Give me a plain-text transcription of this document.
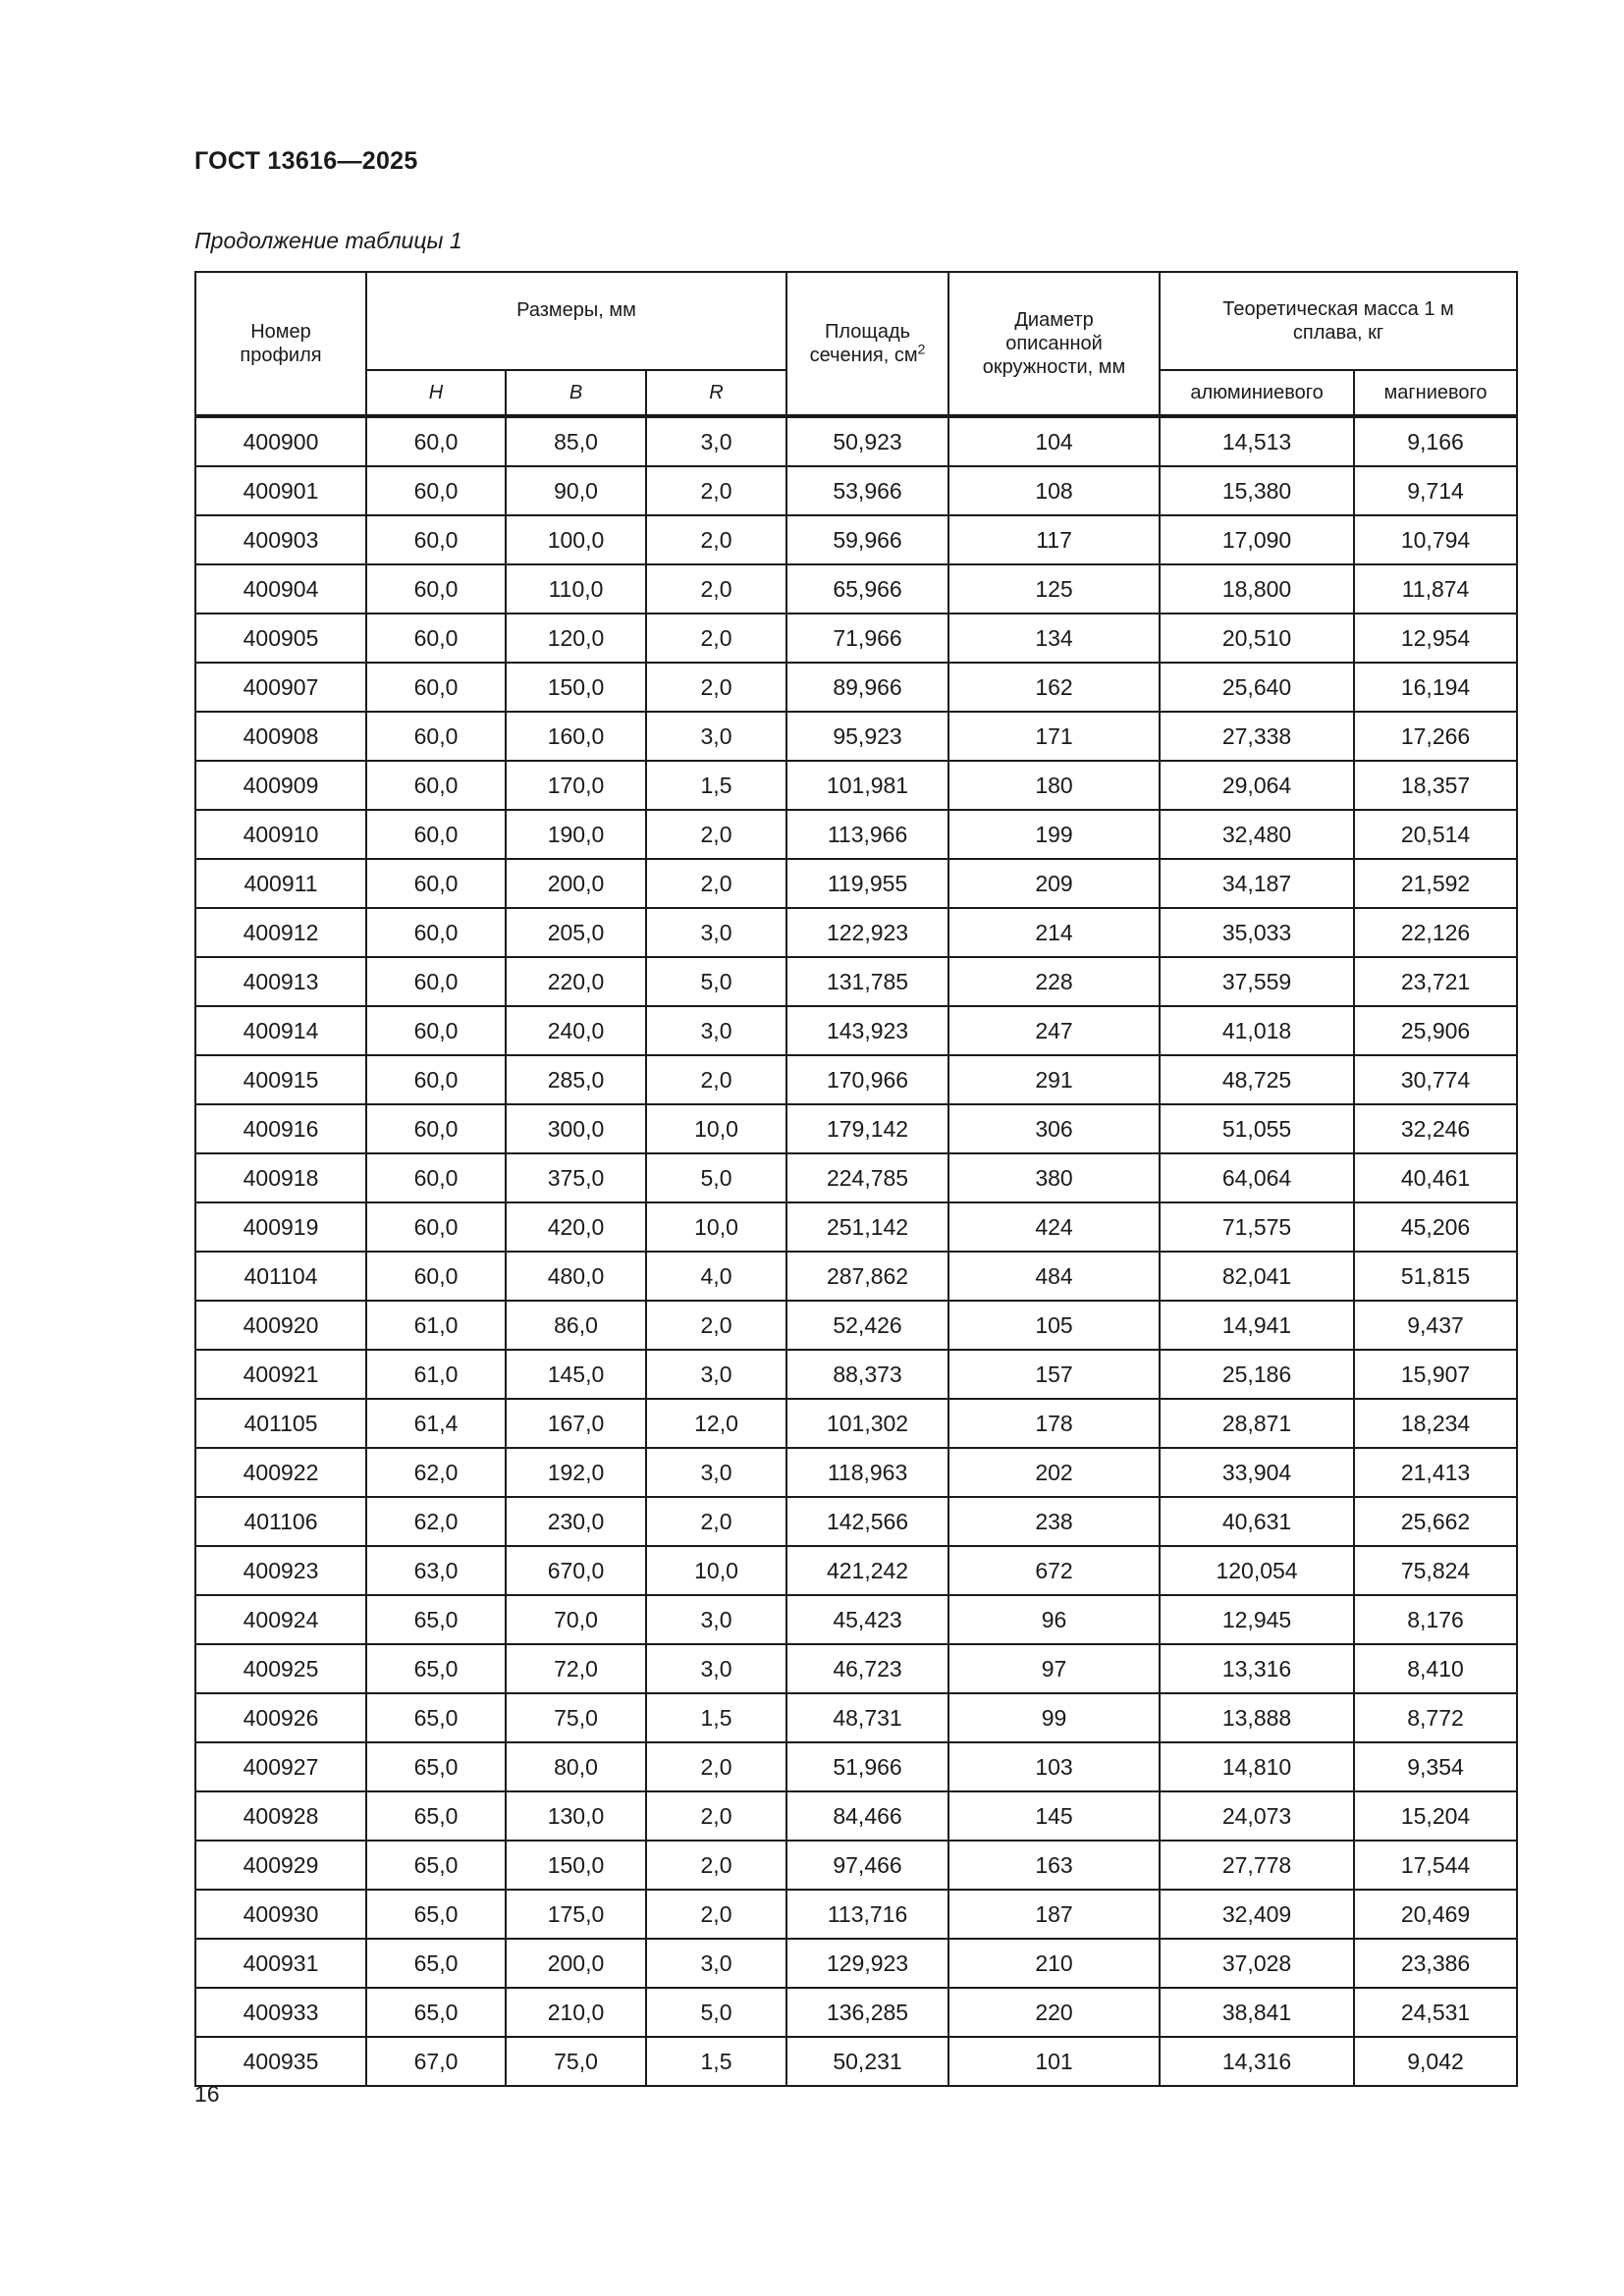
ГОСТ 13616—2025
Продолжение таблицы 1
Номер профиля	Размеры, мм			Площадь сечения, $см^2$	Диаметр описанной окружности, мм	Теоретическая масса 1 м сплава, кг	
	H	B	R			алюминиевого	магниевого
400900	60,0	85,0	3,0	50,923	104	14,513	9,166
400901	60,0	90,0	2,0	53,966	108	15,380	9,714
400903	60,0	100,0	2,0	59,966	117	17,090	10,794
400904	60,0	110,0	2,0	65,966	125	18,800	11,874
400905	60,0	120,0	2,0	71,966	134	20,510	12,954
400907	60,0	150,0	2,0	89,966	162	25,640	16,194
400908	60,0	160,0	3,0	95,923	171	27,338	17,266
400909	60,0	170,0	1,5	101,981	180	29,064	18,357
400910	60,0	190,0	2,0	113,966	199	32,480	20,514
400911	60,0	200,0	2,0	119,955	209	34,187	21,592
400912	60,0	205,0	3,0	122,923	214	35,033	22,126
400913	60,0	220,0	5,0	131,785	228	37,559	23,721
400914	60,0	240,0	3,0	143,923	247	41,018	25,906
400915	60,0	285,0	2,0	170,966	291	48,725	30,774
400916	60,0	300,0	10,0	179,142	306	51,055	32,246
400918	60,0	375,0	5,0	224,785	380	64,064	40,461
400919	60,0	420,0	10,0	251,142	424	71,575	45,206
401104	60,0	480,0	4,0	287,862	484	82,041	51,815
400920	61,0	86,0	2,0	52,426	105	14,941	9,437
400921	61,0	145,0	3,0	88,373	157	25,186	15,907
401105	61,4	167,0	12,0	101,302	178	28,871	18,234
400922	62,0	192,0	3,0	118,963	202	33,904	21,413
401106	62,0	230,0	2,0	142,566	238	40,631	25,662
400923	63,0	670,0	10,0	421,242	672	120,054	75,824
400924	65,0	70,0	3,0	45,423	96	12,945	8,176
400925	65,0	72,0	3,0	46,723	97	13,316	8,410
400926	65,0	75,0	1,5	48,731	99	13,888	8,772
400927	65,0	80,0	2,0	51,966	103	14,810	9,354
400928	65,0	130,0	2,0	84,466	145	24,073	15,204
400929	65,0	150,0	2,0	97,466	163	27,778	17,544
400930	65,0	175,0	2,0	113,716	187	32,409	20,469
400931	65,0	200,0	3,0	129,923	210	37,028	23,386
400933	65,0	210,0	5,0	136,285	220	38,841	24,531
400935	67,0	75,0	1,5	50,231	101	14,316	9,042
16
